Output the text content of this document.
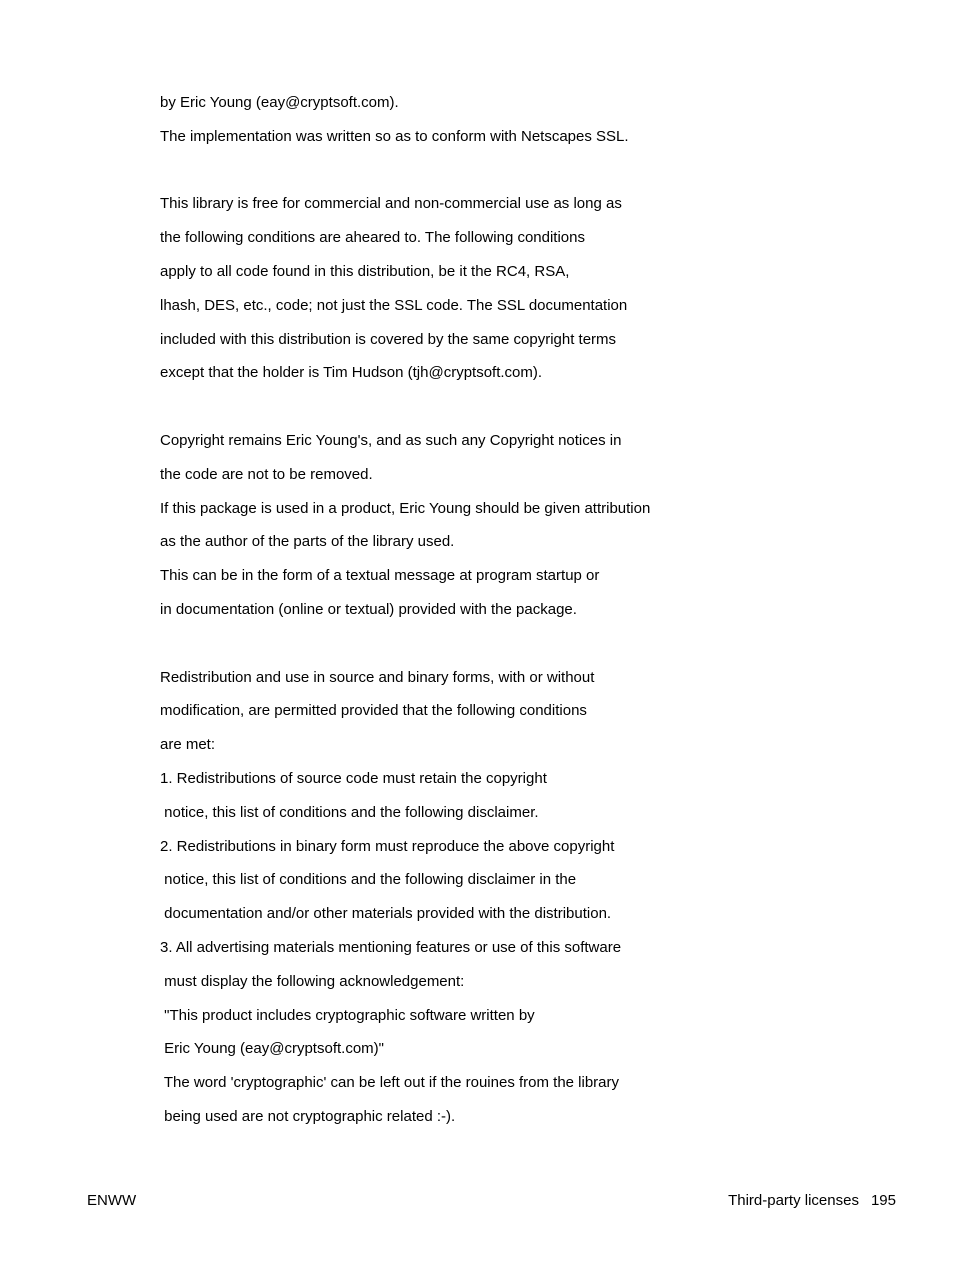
by Eric Young (eay@cryptsoft.com).

The implementation was written so as to conform with Netscapes SSL.

This library is free for commercial and non-commercial use as long as

the following conditions are aheared to. The following conditions

apply to all code found in this distribution, be it the RC4, RSA,

lhash, DES, etc., code; not just the SSL code. The SSL documentation

included with this distribution is covered by the same copyright terms

except that the holder is Tim Hudson (tjh@cryptsoft.com).

Copyright remains Eric Young's, and as such any Copyright notices in

the code are not to be removed.

If this package is used in a product, Eric Young should be given attribution

as the author of the parts of the library used.

This can be in the form of a textual message at program startup or

in documentation (online or textual) provided with the package.

Redistribution and use in source and binary forms, with or without

modification, are permitted provided that the following conditions

are met:

1. Redistributions of source code must retain the copyright

notice, this list of conditions and the following disclaimer.

2. Redistributions in binary form must reproduce the above copyright

notice, this list of conditions and the following disclaimer in the

documentation and/or other materials provided with the distribution.

3. All advertising materials mentioning features or use of this software

must display the following acknowledgement:

"This product includes cryptographic software written by

Eric Young (eay@cryptsoft.com)"

The word 'cryptographic' can be left out if the rouines from the library

being used are not cryptographic related :-).

ENWW	Third-party licenses 195
